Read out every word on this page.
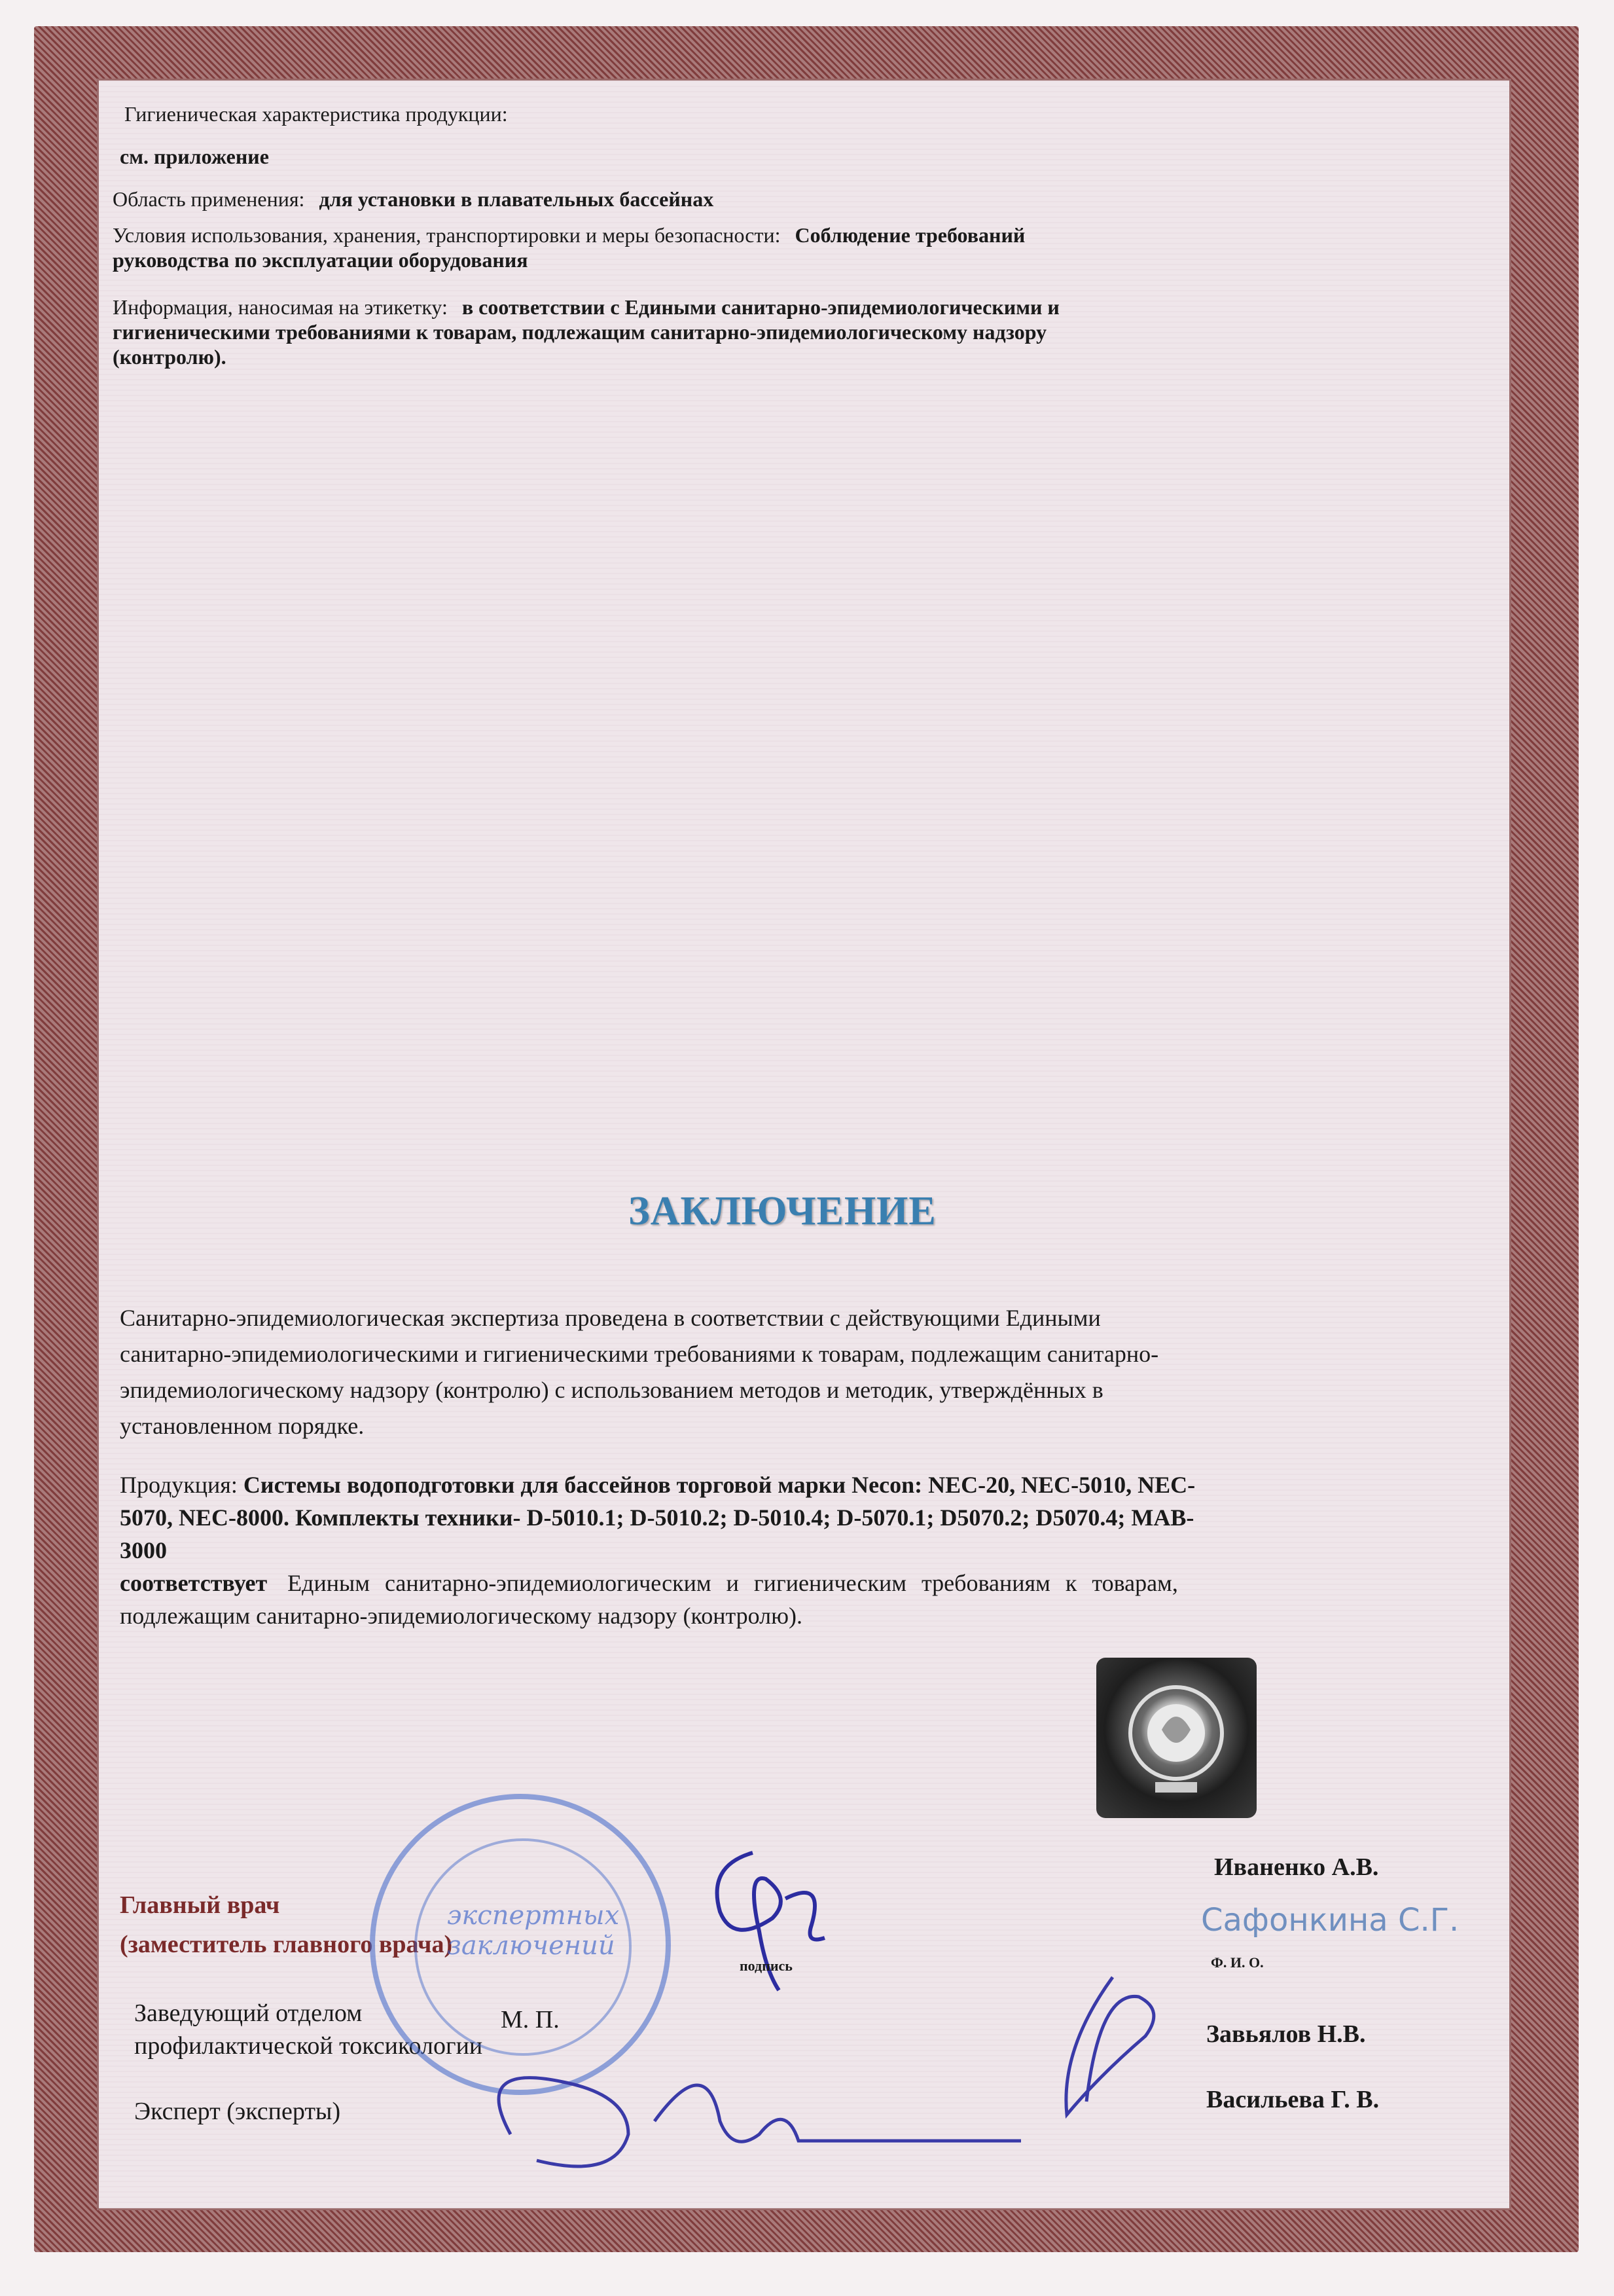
Гигиеническая характеристика продукции:
см. приложение
Область применения: для установки в плавательных бассейнах
Условия использования, хранения, транспортировки и меры безопасности: Соблюдение требований
руководства по эксплуатации оборудования
Информация, наносимая на этикетку: в соответствии с Едиными санитарно-эпидемиологическими и
гигиеническими требованиями к товарам, подлежащим санитарно-эпидемиологическому надзору
(контролю).
ЗАКЛЮЧЕНИЕ
Санитарно-эпидемиологическая экспертиза проведена в соответствии с действующими Едиными
санитарно-эпидемиологическими и гигиеническими требованиями к товарам, подлежащим санитарно-
эпидемиологическому надзору (контролю) с использованием методов и методик, утверждённых в
установленном порядке.
Продукция: Системы водоподготовки для бассейнов торговой марки Necon: NEC-20, NEC-5010, NEC-
5070, NEC-8000. Комплекты техники- D-5010.1; D-5010.2; D-5010.4; D-5070.1; D5070.2; D5070.4; MAB-
3000
соответствует Единым санитарно-эпидемиологическим и гигиеническим требованиям к товарам,
подлежащим санитарно-эпидемиологическому надзору (контролю).
Главный врач
(заместитель главного врача)
Заведующий отделом
профилактической токсикологии
Эксперт (эксперты)
экспертных заключений
М. П.
подпись
Иваненко А.В.
Сафонкина С.Г.
Ф. И. О.
Завьялов Н.В.
Васильева Г. В.
